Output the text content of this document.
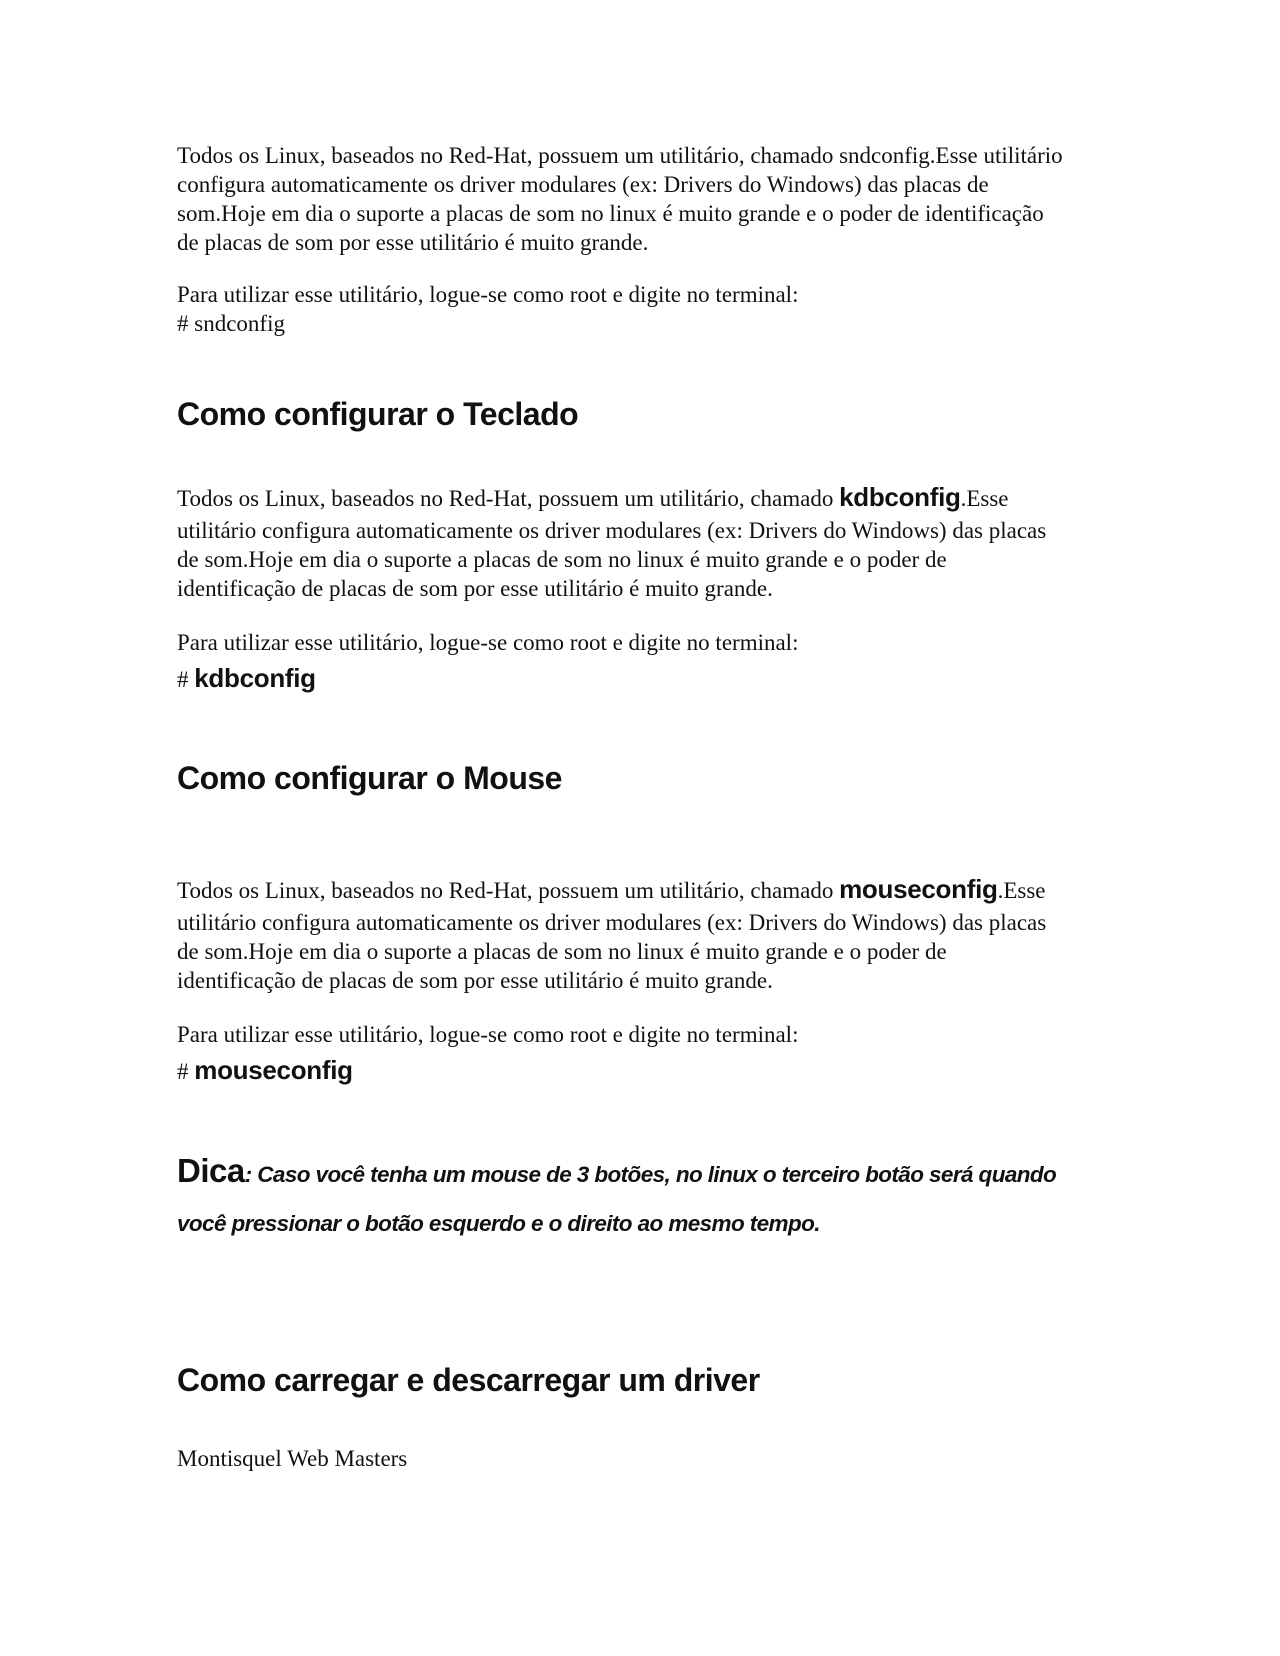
Todos os Linux, baseados no Red-Hat, possuem um utilitário, chamado sndconfig.Esse utilitário
configura automaticamente os driver modulares (ex: Drivers do Windows) das placas de
som.Hoje em dia o suporte a placas de som no linux é muito grande e o poder de identificação
de placas de som por esse utilitário é muito grande.

Para utilizar esse utilitário, logue-se como root e digite no terminal:
# sndconfig

Como configurar o Teclado

Todos os Linux, baseados no Red-Hat, possuem um utilitário, chamado kdbconfig.Esse
utilitário configura automaticamente os driver modulares (ex: Drivers do Windows) das placas
de som.Hoje em dia o suporte a placas de som no linux é muito grande e o poder de
identificação de placas de som por esse utilitário é muito grande.

Para utilizar esse utilitário, logue-se como root e digite no terminal:

# kdbconfig

Como configurar o Mouse

Todos os Linux, baseados no Red-Hat, possuem um utilitário, chamado mouseconfig.Esse
utilitário configura automaticamente os driver modulares (ex: Drivers do Windows) das placas
de som.Hoje em dia o suporte a placas de som no linux é muito grande e o poder de
identificação de placas de som por esse utilitário é muito grande.

Para utilizar esse utilitário, logue-se como root e digite no terminal:

# mouseconfig

Dica: Caso você tenha um mouse de 3 botões, no linux o terceiro botão será quando
você pressionar o botão esquerdo e o direito ao mesmo tempo.
Como carregar e descarregar um driver

Montisquel Web Masters
